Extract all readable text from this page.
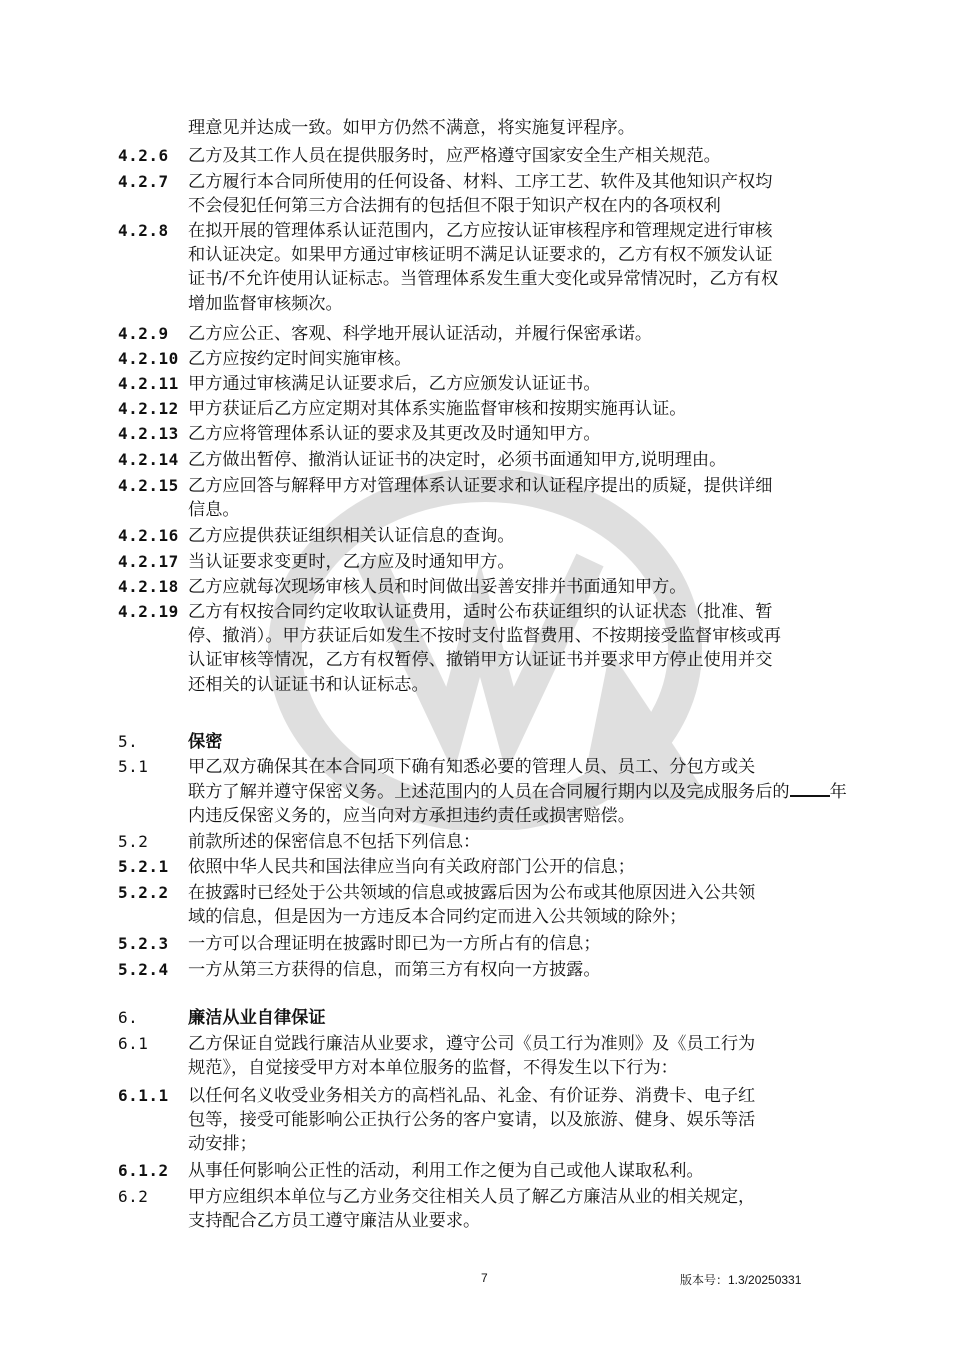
理意见并达成一致。如甲方仍然不满意，将实施复评程序。
4.2.6	乙方及其工作人员在提供服务时，应严格遵守国家安全生产相关规范。
4.2.7	乙方履行本合同所使用的任何设备、材料、工序工艺、软件及其他知识产权均
不会侵犯任何第三方合法拥有的包括但不限于知识产权在内的各项权利
4.2.8	在拟开展的管理体系认证范围内，乙方应按认证审核程序和管理规定进行审核
和认证决定。如果甲方通过审核证明不满足认证要求的，乙方有权不颁发认证
证书/不允许使用认证标志。当管理体系发生重大变化或异常情况时，乙方有权
增加监督审核频次。
4.2.9	乙方应公正、客观、科学地开展认证活动，并履行保密承诺。
4.2.10 乙方应按约定时间实施审核。
4.2.11 甲方通过审核满足认证要求后，乙方应颁发认证证书。
4.2.12 甲方获证后乙方应定期对其体系实施监督审核和按期实施再认证。
4.2.13 乙方应将管理体系认证的要求及其更改及时通知甲方。
4.2.14 乙方做出暂停、撤消认证证书的决定时，必须书面通知甲方,说明理由。
4.2.15 乙方应回答与解释甲方对管理体系认证要求和认证程序提出的质疑，提供详细
信息。
4.2.16 乙方应提供获证组织相关认证信息的查询。
4.2.17 当认证要求变更时，乙方应及时通知甲方。
4.2.18 乙方应就每次现场审核人员和时间做出妥善安排并书面通知甲方。
4.2.19 乙方有权按合同约定收取认证费用，适时公布获证组织的认证状态（批准、暂
停、撤消）。甲方获证后如发生不按时支付监督费用、不按期接受监督审核或再
认证审核等情况，乙方有权暂停、撤销甲方认证证书并要求甲方停止使用并交
还相关的认证证书和认证标志。
5.	保密
5.1	甲乙双方确保其在本合同项下确有知悉必要的管理人员、员工、分包方或关
联方了解并遵守保密义务。上述范围内的人员在合同履行期内以及完成服务后的 年内违反保密义务的，应当向对方承担违约责任或损害赔偿。
5.2	前款所述的保密信息不包括下列信息：
5.2.1	依照中华人民共和国法律应当向有关政府部门公开的信息；
5.2.2	在披露时已经处于公共领域的信息或披露后因为公布或其他原因进入公共领
域的信息，但是因为一方违反本合同约定而进入公共领域的除外；
5.2.3	一方可以合理证明在披露时即已为一方所占有的信息；
5.2.4	一方从第三方获得的信息，而第三方有权向一方披露。
6.	廉洁从业自律保证
6.1	乙方保证自觉践行廉洁从业要求，遵守公司《员工行为准则》及《员工行为
规范》，自觉接受甲方对本单位服务的监督，不得发生以下行为：
6.1.1	以任何名义收受业务相关方的高档礼品、礼金、有价证券、消费卡、电子红
包等，接受可能影响公正执行公务的客户宴请，以及旅游、健身、娱乐等活
动安排；
6.1.2	从事任何影响公正性的活动，利用工作之便为自己或他人谋取私利。
6.2	甲方应组织本单位与乙方业务交往相关人员了解乙方廉洁从业的相关规定，
支持配合乙方员工遵守廉洁从业要求。
7	版本号：1.3/20250331
